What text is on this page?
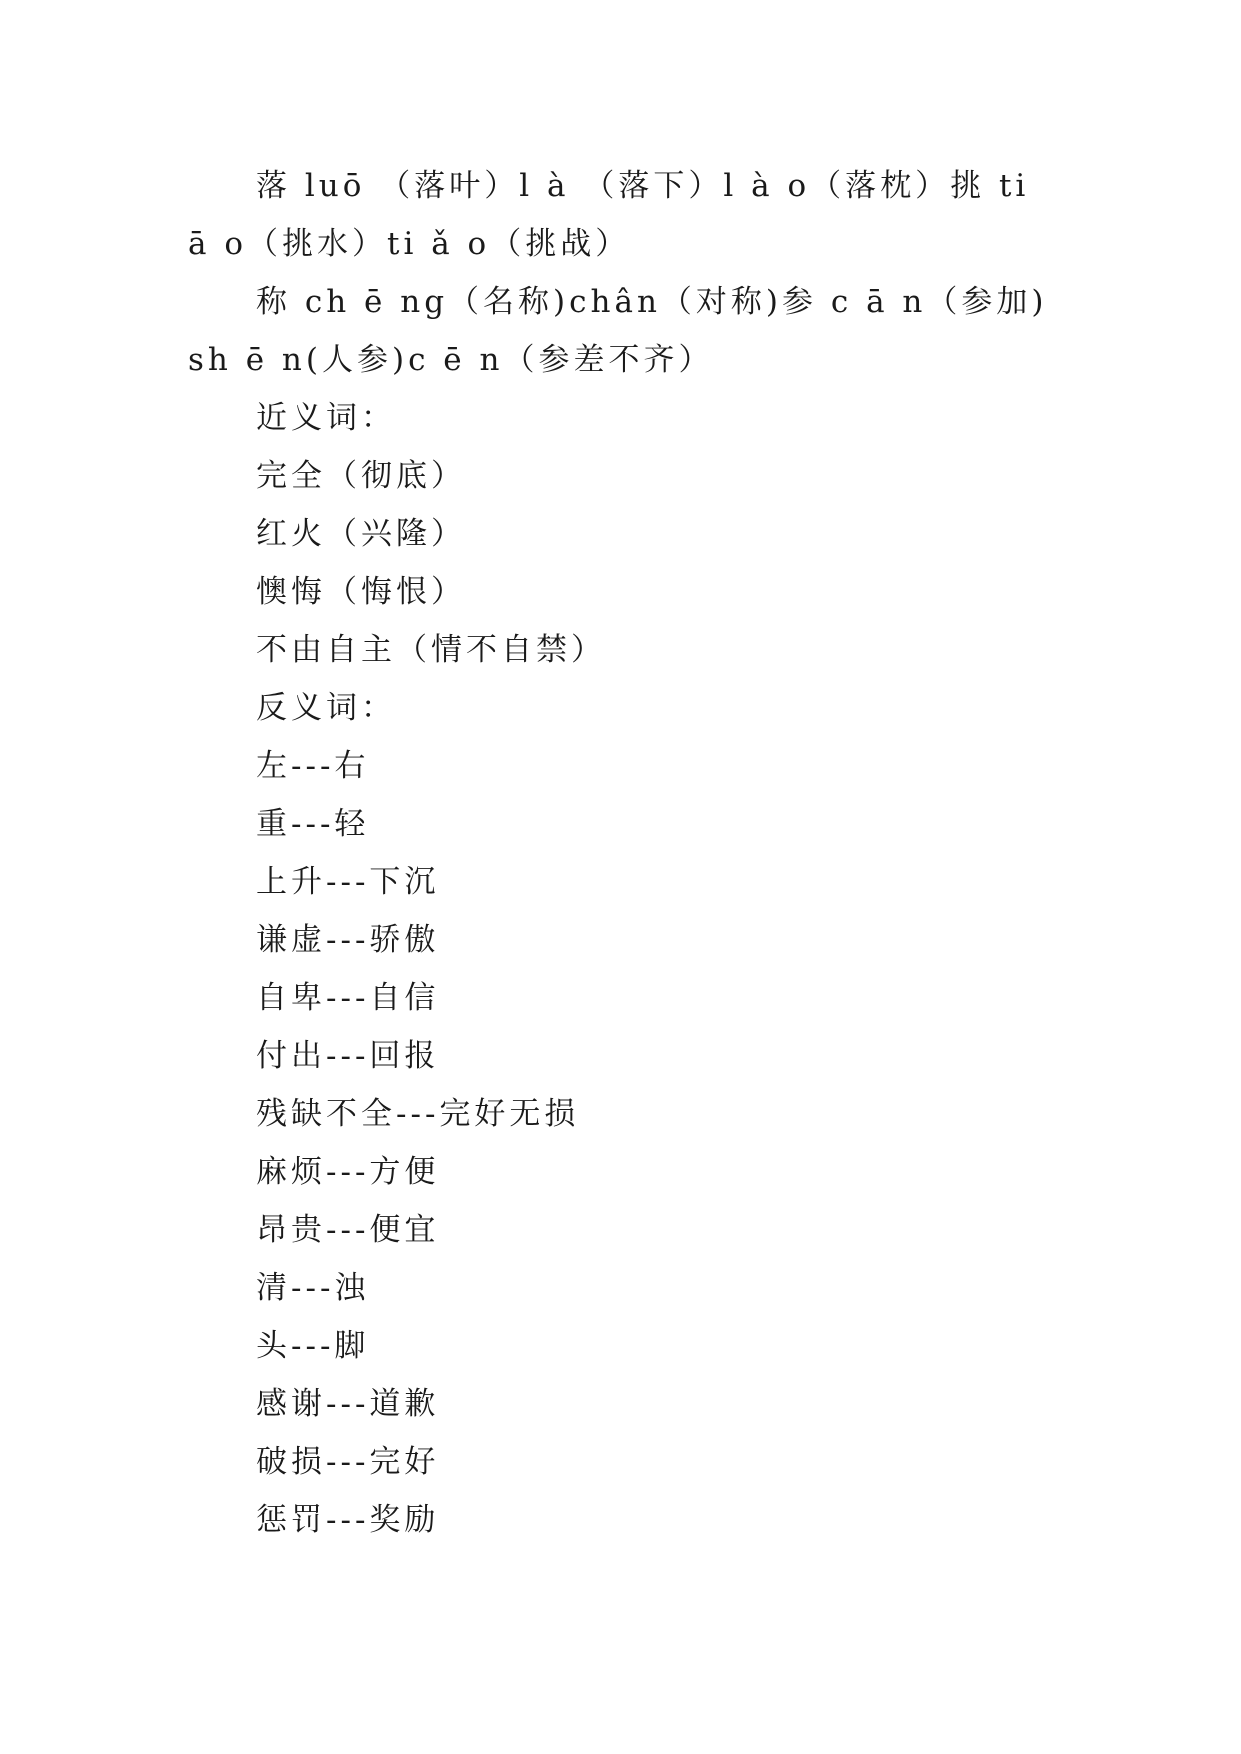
落 luō （落叶）l à （落下）l à o（落枕）挑 ti ā o（挑水）ti ǎ o（挑战）

称 ch ē ng（名称)chân（对称)参 c ā n（参加)sh ē n(人参)c ē n（参差不齐）

近义词：

完全（彻底）

红火（兴隆）

懊悔（悔恨）

不由自主（情不自禁）

反义词：

左---右

重---轻

上升---下沉

谦虚---骄傲

自卑---自信

付出---回报

残缺不全---完好无损

麻烦---方便

昂贵---便宜

清---浊

头---脚

感谢---道歉

破损---完好

惩罚---奖励
